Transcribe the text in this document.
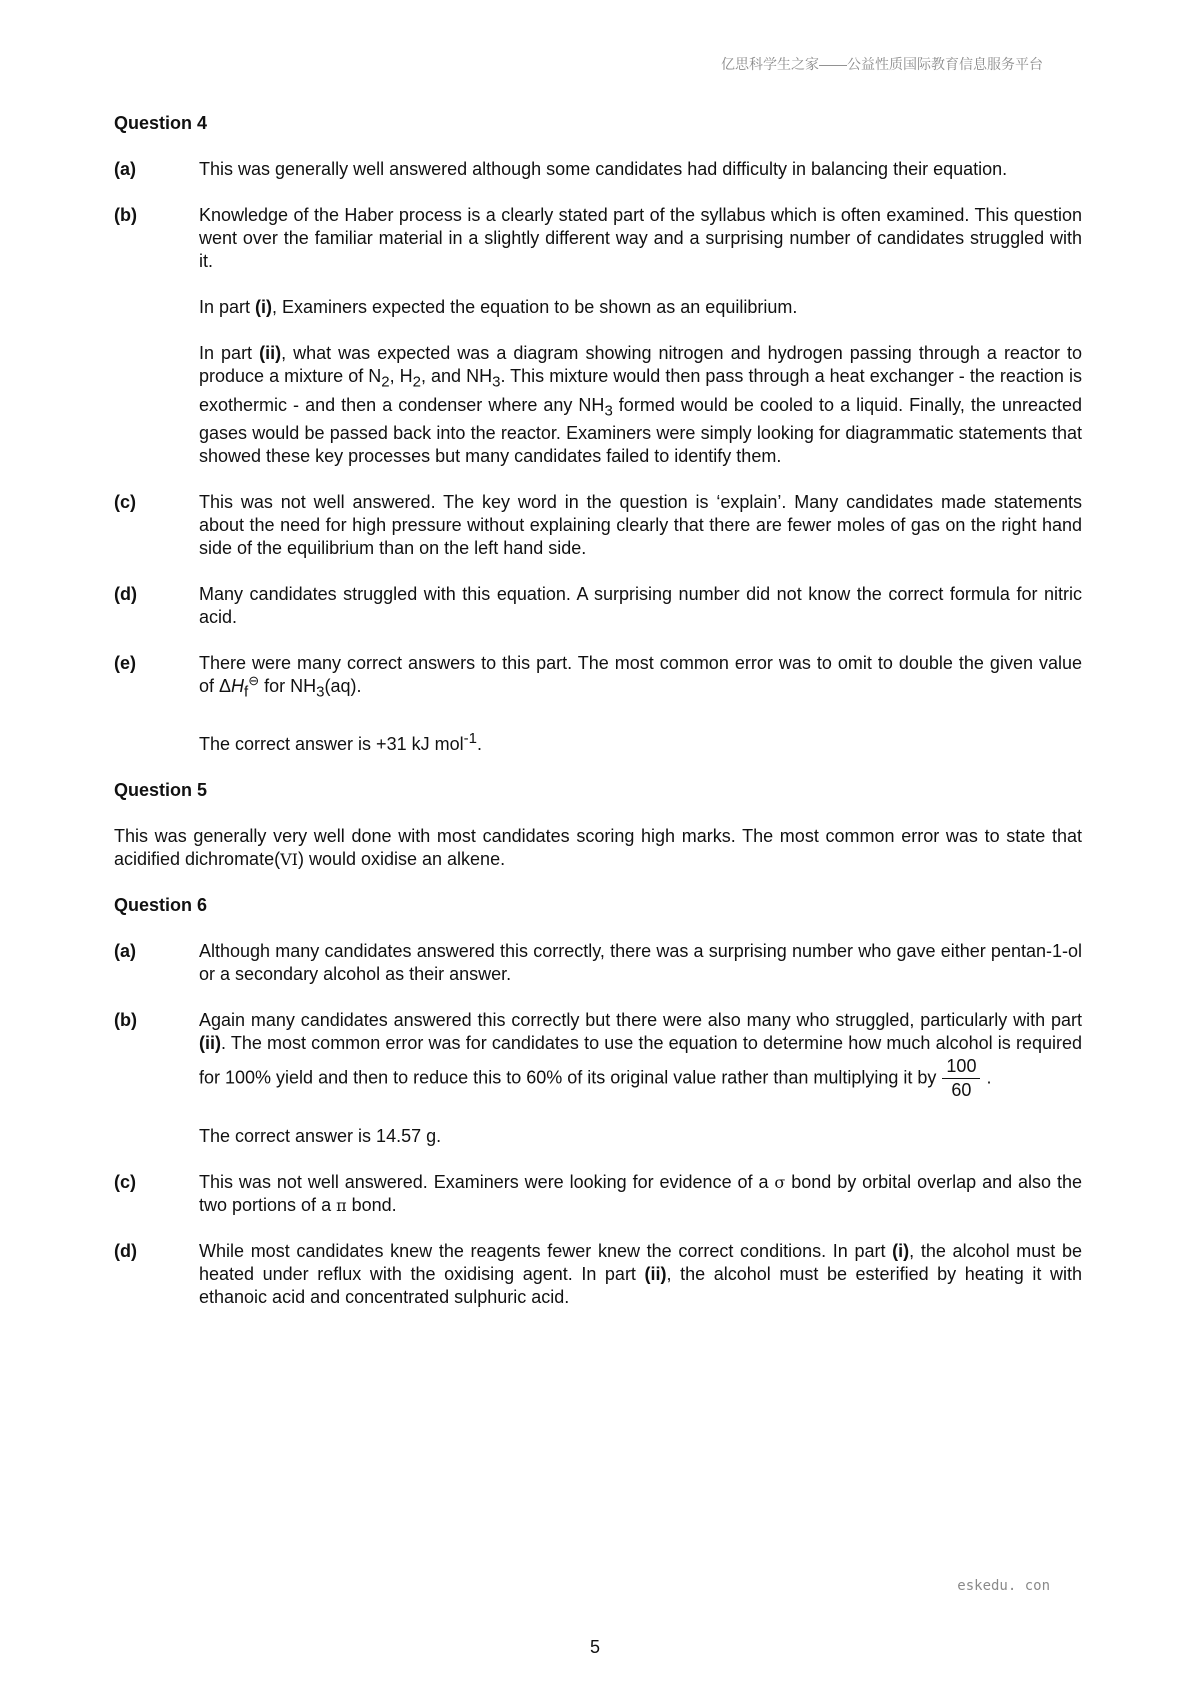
亿思科学生之家——公益性质国际教育信息服务平台
Question 4
(a)	This was generally well answered although some candidates had difficulty in balancing their equation.
(b)	Knowledge of the Haber process is a clearly stated part of the syllabus which is often examined. This question went over the familiar material in a slightly different way and a surprising number of candidates struggled with it.
In part (i), Examiners expected the equation to be shown as an equilibrium.
In part (ii), what was expected was a diagram showing nitrogen and hydrogen passing through a reactor to produce a mixture of $N_2$, $H_2$, and $NH_3$. This mixture would then pass through a heat exchanger - the reaction is exothermic - and then a condenser where any $NH_3$ formed would be cooled to a liquid. Finally, the unreacted gases would be passed back into the reactor. Examiners were simply looking for diagrammatic statements that showed these key processes but many candidates failed to identify them.
(c)	This was not well answered. The key word in the question is ‘explain’. Many candidates made statements about the need for high pressure without explaining clearly that there are fewer moles of gas on the right hand side of the equilibrium than on the left hand side.
(d)	Many candidates struggled with this equation. A surprising number did not know the correct formula for nitric acid.
(e)	There were many correct answers to this part. The most common error was to omit to double the given value of $\Delta H_f^⊖$ for $NH_3(aq)$.
The correct answer is +31 kJ mol$^{-1}$.
Question 5
This was generally very well done with most candidates scoring high marks. The most common error was to state that acidified dichromate(VI) would oxidise an alkene.
Question 6
(a)	Although many candidates answered this correctly, there was a surprising number who gave either pentan-1-ol or a secondary alcohol as their answer.
(b)	Again many candidates answered this correctly but there were also many who struggled, particularly with part (ii). The most common error was for candidates to use the equation to determine how much alcohol is required for 100% yield and then to reduce this to 60% of its original value rather than multiplying it by $\frac{100}{60}$ .
The correct answer is 14.57 g.
(c)	This was not well answered. Examiners were looking for evidence of a σ bond by orbital overlap and also the two portions of a π bond.
(d)	While most candidates knew the reagents fewer knew the correct conditions. In part (i), the alcohol must be heated under reflux with the oxidising agent. In part (ii), the alcohol must be esterified by heating it with ethanoic acid and concentrated sulphuric acid.
eskedu. con
5
